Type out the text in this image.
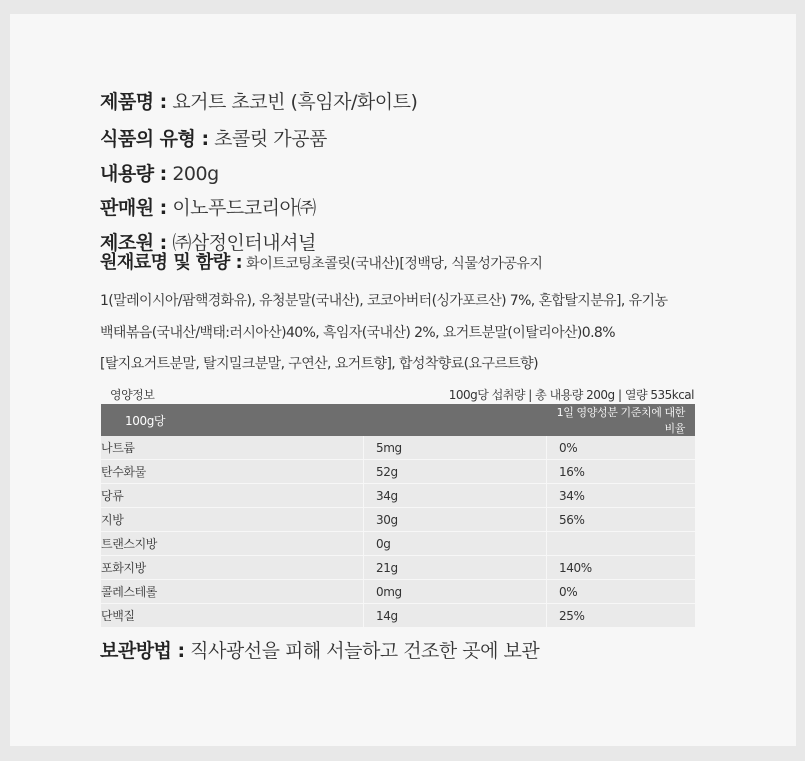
제품명 : 요거트 초코빈 (흑임자/화이트)
식품의 유형 : 초콜릿 가공품
내용량 : 200g
판매원 : 이노푸드코리아㈜
제조원 : ㈜삼정인터내셔널
원재료명 및 함량 : 화이트코팅초콜릿(국내산)[정백당, 식물성가공유지
1(말레이시아/팜핵경화유), 유청분말(국내산), 코코아버터(싱가포르산) 7%, 혼합탈지분유], 유기농
백태볶음(국내산/백태:러시아산)40%, 흑임자(국내산) 2%, 요거트분말(이탈리아산)0.8%
[탈지요거트분말, 탈지밀크분말, 구연산, 요거트향], 합성착향료(요구르트향)
영양정보	100g당 섭취량 | 총 내용량 200g | 열량 535kcal
100g당		1일 영양성분 기준치에 대한 비율
나트륨	5mg	0%
탄수화물	52g	16%
당류	34g	34%
지방	30g	56%
트랜스지방	0g	
포화지방	21g	140%
콜레스테롤	0mg	0%
단백질	14g	25%
보관방법 : 직사광선을 피해 서늘하고 건조한 곳에 보관
